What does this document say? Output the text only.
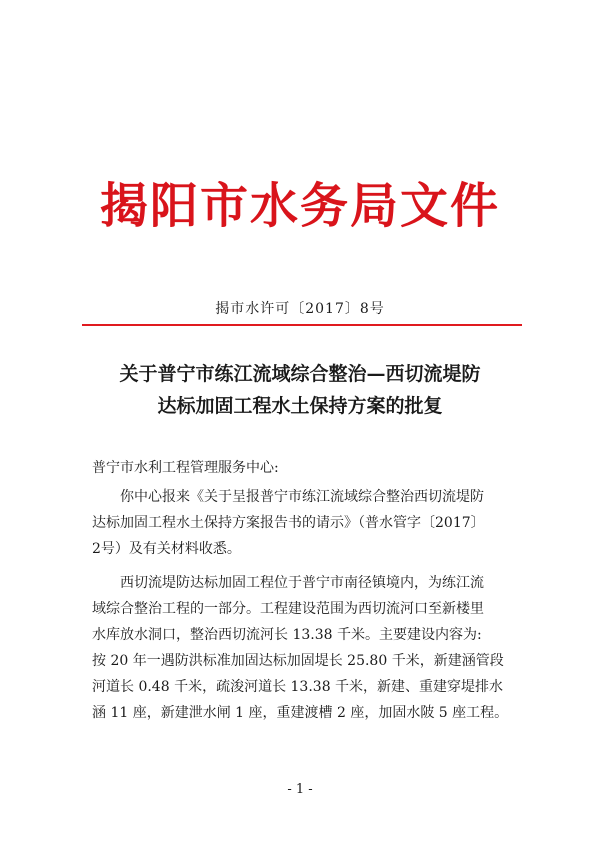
揭阳市水务局文件
揭市水许可〔2017〕8号
关于普宁市练江流域综合整治—西切流堤防
达标加固工程水土保持方案的批复
普宁市水利工程管理服务中心:
　　你中心报来《关于呈报普宁市练江流域综合整治西切流堤防
达标加固工程水土保持方案报告书的请示》（普水管字〔2017〕
2号）及有关材料收悉。
　　西切流堤防达标加固工程位于普宁市南径镇境内，为练江流
域综合整治工程的一部分。工程建设范围为西切流河口至新楼里
水库放水洞口，整治西切流河长 13.38 千米。主要建设内容为:
按 20 年一遇防洪标准加固达标加固堤长 25.80 千米，新建涵管段
河道长 0.48 千米，疏浚河道长 13.38 千米，新建、重建穿堤排水
涵 11 座，新建泄水闸 1 座，重建渡槽 2 座，加固水陂 5 座工程。
- 1 -
